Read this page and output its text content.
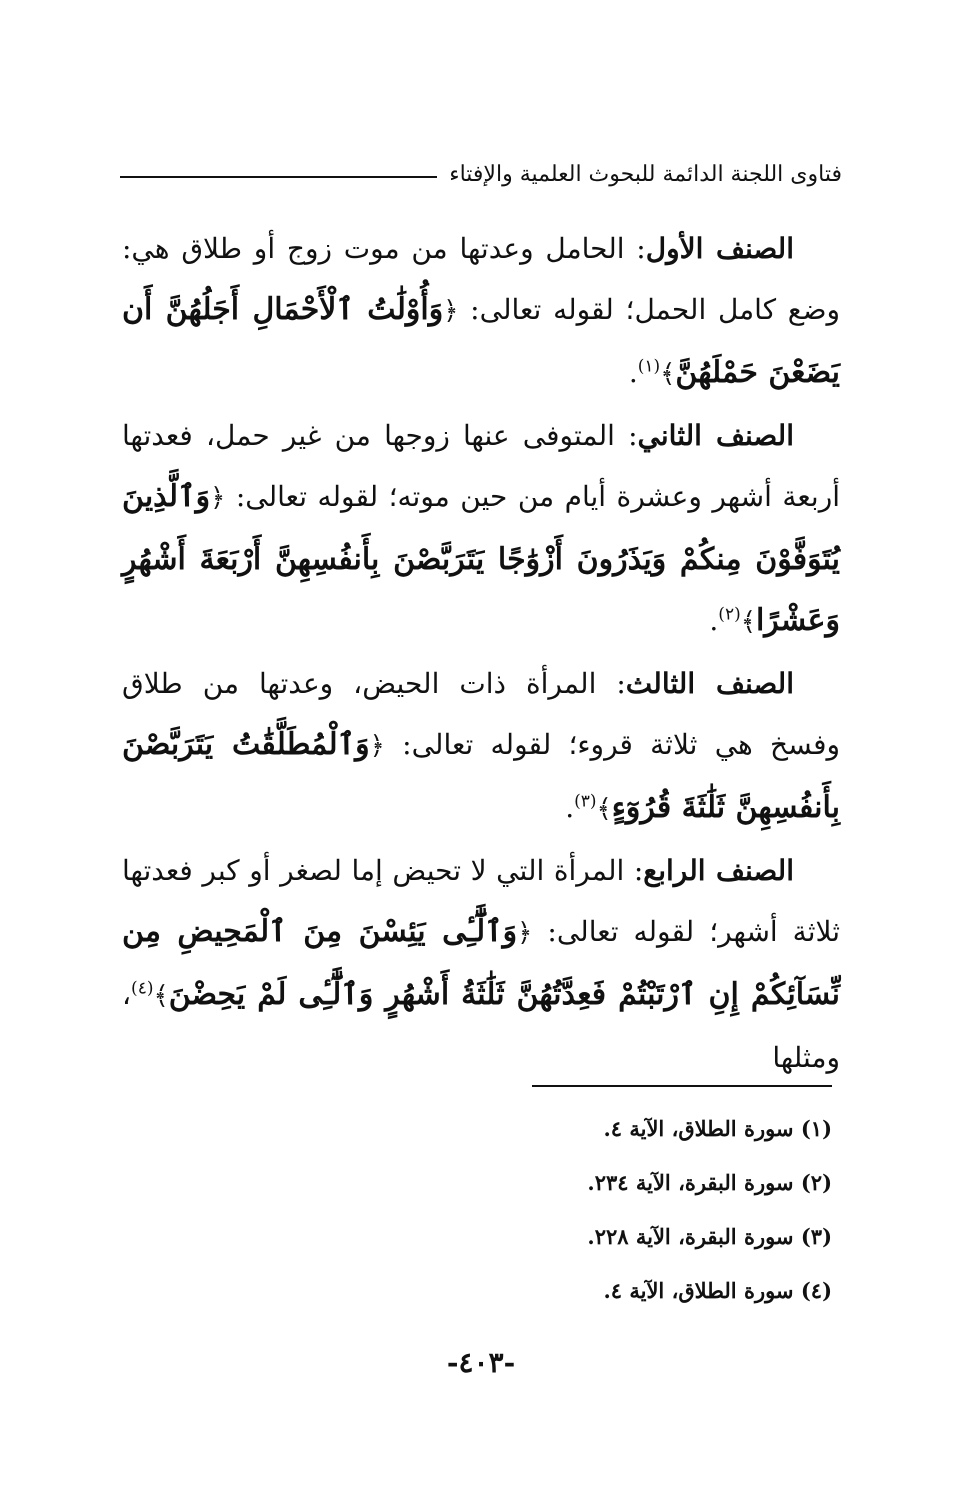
فتاوى اللجنة الدائمة للبحوث العلمية والإفتاء

الصنف الأول: الحامل وعدتها من موت زوج أو طلاق هي: وضع كامل الحمل؛ لقوله تعالى: ﴿وَأُوْلَٰتُ ٱلْأَحْمَالِ أَجَلُهُنَّ أَن يَضَعْنَ حَمْلَهُنَّ﴾$^{(١)}$.

الصنف الثاني: المتوفى عنها زوجها من غير حمل، فعدتها أربعة أشهر وعشرة أيام من حين موته؛ لقوله تعالى: ﴿وَٱلَّذِينَ يُتَوَفَّوْنَ مِنكُمْ وَيَذَرُونَ أَزْوَٰجًا يَتَرَبَّصْنَ بِأَنفُسِهِنَّ أَرْبَعَةَ أَشْهُرٍ وَعَشْرًا﴾$^{(٢)}$.

الصنف الثالث: المرأة ذات الحيض، وعدتها من طلاق وفسخ هي ثلاثة قروء؛ لقوله تعالى: ﴿وَٱلْمُطَلَّقَٰتُ يَتَرَبَّصْنَ بِأَنفُسِهِنَّ ثَلَٰثَةَ قُرُوٓءٍ﴾$^{(٣)}$.

الصنف الرابع: المرأة التي لا تحيض إما لصغر أو كبر فعدتها ثلاثة أشهر؛ لقوله تعالى: ﴿وَٱلَّٰٓـِٔى يَئِسْنَ مِنَ ٱلْمَحِيضِ مِن نِّسَآئِكُمْ إِنِ ٱرْتَبْتُمْ فَعِدَّتُهُنَّ ثَلَٰثَةُ أَشْهُرٍ وَٱلَّٰٓـِٔى لَمْ يَحِضْنَ﴾$^{(٤)}$، ومثلها

(١) سورة الطلاق، الآية ٤.
(٢) سورة البقرة، الآية ٢٣٤.
(٣) سورة البقرة، الآية ٢٢٨.
(٤) سورة الطلاق، الآية ٤.
-٤٠٣-
